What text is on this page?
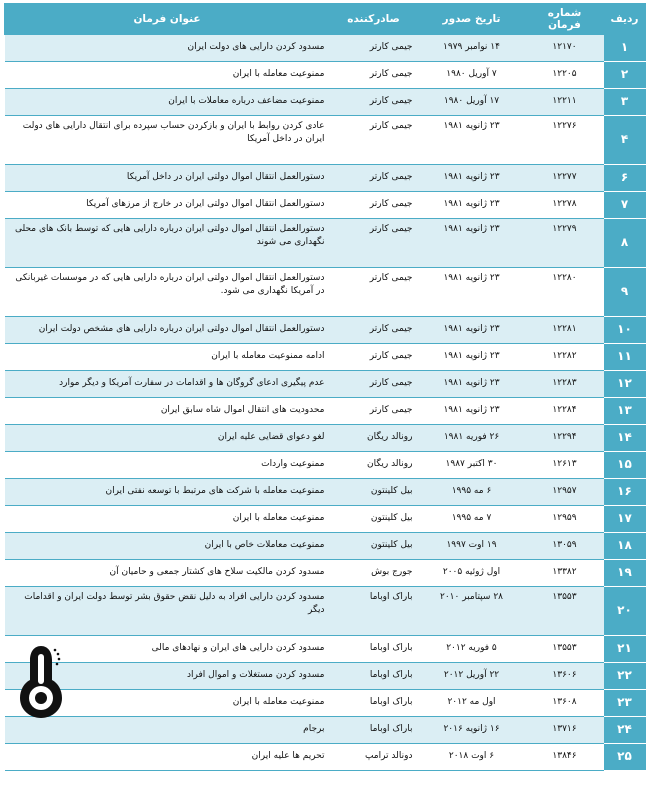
ردیف	شماره فرمان	تاریخ صدور	صادرکننده	عنوان فرمان
۱	۱۲۱۷۰	۱۴ نوامبر ۱۹۷۹	جیمی کارتر	مسدود کردن دارایی های دولت ایران
۲	۱۲۲۰۵	۷ آوریل ۱۹۸۰	جیمی کارتر	ممنوعیت معامله با ایران
۳	۱۲۲۱۱	۱۷ آوریل ۱۹۸۰	جیمی کارتر	ممنوعیت مضاعف درباره معاملات با ایران
۴	۱۲۲۷۶	۲۳ ژانویه ۱۹۸۱	جیمی کارتر	عادی کردن روابط با ایران و بازکردن حساب سپرده برای انتقال دارایی های دولت ایران در داخل آمریکا
۶	۱۲۲۷۷	۲۳ ژانویه ۱۹۸۱	جیمی کارتر	دستورالعمل انتقال اموال دولتی ایران در داخل آمریکا
۷	۱۲۲۷۸	۲۳ ژانویه ۱۹۸۱	جیمی کارتر	دستورالعمل انتقال اموال دولتی ایران در خارج از مرزهای آمریکا
۸	۱۲۲۷۹	۲۳ ژانویه ۱۹۸۱	جیمی کارتر	دستورالعمل انتقال اموال دولتی ایران درباره دارایی هایی که توسط بانک های محلی نگهداری می شوند
۹	۱۲۲۸۰	۲۳ ژانویه ۱۹۸۱	جیمی کارتر	دستورالعمل انتقال اموال دولتی ایران درباره دارایی هایی که در موسسات غیربانکی در آمریکا نگهداری می شود.
۱۰	۱۲۲۸۱	۲۳ ژانویه ۱۹۸۱	جیمی کارتر	دستورالعمل انتقال اموال دولتی ایران درباره دارایی های مشخص دولت ایران
۱۱	۱۲۲۸۲	۲۳ ژانویه ۱۹۸۱	جیمی کارتر	ادامه ممنوعیت معامله با ایران
۱۲	۱۲۲۸۳	۲۳ ژانویه ۱۹۸۱	جیمی کارتر	عدم پیگیری ادعای گروگان ها و اقدامات در سفارت آمریکا و دیگر موارد
۱۳	۱۲۲۸۴	۲۳ ژانویه ۱۹۸۱	جیمی کارتر	محدودیت های انتقال اموال شاه سابق ایران
۱۴	۱۲۲۹۴	۲۶ فوریه ۱۹۸۱	رونالد ریگان	لغو دعوای قضایی علیه ایران
۱۵	۱۲۶۱۳	۳۰ اکتبر ۱۹۸۷	رونالد ریگان	ممنوعیت واردات
۱۶	۱۲۹۵۷	۶ مه ۱۹۹۵	بیل کلینتون	ممنوعیت معامله با شرکت های مرتبط با توسعه نفتی ایران
۱۷	۱۲۹۵۹	۷ مه ۱۹۹۵	بیل کلینتون	ممنوعیت معامله با ایران
۱۸	۱۳۰۵۹	۱۹ اوت ۱۹۹۷	بیل کلینتون	ممنوعیت معاملات خاص با ایران
۱۹	۱۳۳۸۲	اول ژوئیه ۲۰۰۵	جورج بوش	مسدود کردن مالکیت سلاح های کشتار جمعی و حامیان آن
۲۰	۱۳۵۵۳	۲۸ سپتامبر ۲۰۱۰	باراک اوباما	مسدود کردن دارایی افراد به دلیل نقض حقوق بشر توسط دولت ایران و اقدامات دیگر
۲۱	۱۳۵۵۳	۵ فوریه ۲۰۱۲	باراک اوباما	مسدود کردن دارایی های ایران و نهادهای مالی
۲۲	۱۳۶۰۶	۲۲ آوریل ۲۰۱۲	باراک اوباما	مسدود کردن مستغلات و اموال افراد
۲۳	۱۳۶۰۸	اول مه ۲۰۱۲	باراک اوباما	ممنوعیت معامله با ایران
۲۴	۱۳۷۱۶	۱۶ ژانویه ۲۰۱۶	باراک اوباما	برجام
۲۵	۱۳۸۴۶	۶ اوت ۲۰۱۸	دونالد ترامپ	تحریم ها علیه ایران
